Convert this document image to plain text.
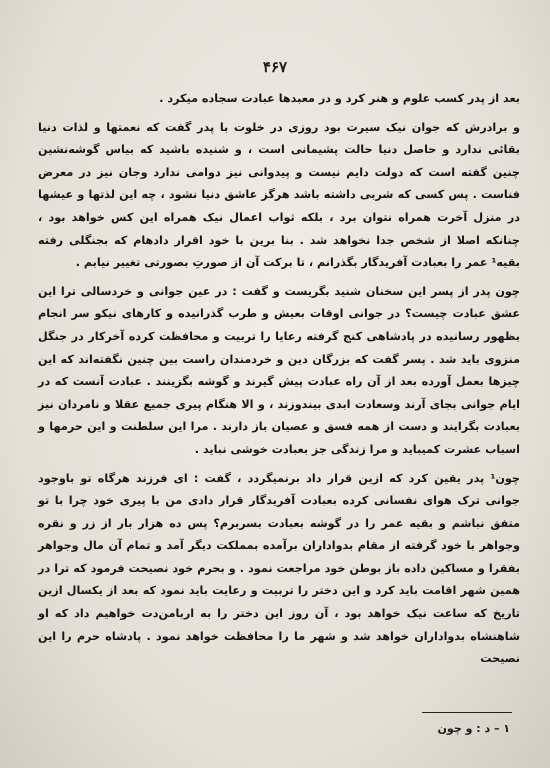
۴۶۷

بعد از پدر کسب علوم و هنر کرد و در معبدها عبادت سجاده میکرد .

و برادرش که جوان نیک سیرت بود روزی در خلوت با پدر گفت که نعمتها و لذات دنیا بقائی ندارد و حاصل دنیا حالت پشیمانی است ، و شنیده باشید که بیاس گوشه‌نشین چنین گفته است که دولت دایم نیست و پیدوانی نیز دوامی ندارد وجان نیز در معرض فناست . پس کسی که شربی داشته باشد هرگز عاشق دنیا نشود ، چه این لذتها و عیشها در منزل آخرت همراه نتوان برد ، بلکه ثواب اعمال نیک همراه این کس خواهد بود ، چنانکه اصلا از شخص جدا نخواهد شد . بنا برین با خود اقرار دادهام که بجنگلی رفته بقیه¹ عمر را بعبادت آفریدگار بگذرانم ، تا برکت آن از صورتِ بصورتی تغییر نیابم .

چون پدر از پسر این سخنان شنید بگریست و گفت : در عین جوانی و خردسالی ترا این عشق عبادت چیست؟ در جوانی اوقات بعیش و طرب گذرانیده و کارهای نیکو سر انجام بظهور رسانیده در پادشاهی کنج گرفته رعایا را تربیت و محافظت کرده آخرکار در جنگل منزوی باید شد . پسر گفت که بزرگان دین و خردمندان راست بین چنین نگفته‌اند که این چیزها بعمل آورده بعد از آن راه عبادت پیش گیرند و گوشه بگزینند . عبادت آنست که در ایام جوانی بجای آرند وسعادت ابدی بیندوزند ، و الا هنگام پیری جمیع عقلا و نامردان نیز بعبادت بگرایند و دست از همه فسق و عصیان باز دارند . مرا این سلطنت و این حرمها و اسباب عشرت کمیباید و مرا زندگی جز بعبادت خوشی نباید .

چون¹ پدر یقین کرد که ازین قرار داد برنمیگردد ، گفت : ای فرزند هرگاه تو باوجود جوانی ترک هوای نفسانی کرده بعبادت آفریدگار قرار دادی من با پیری خود چرا با تو متفق نباشم و بقیه عمر را در گوشه بعبادت بسربرم؟ پس ده هزار بار از زر و نقره وجواهر با خود گرفته از مقام بدواداران برآمده بمملکت دیگر آمد و تمام آن مال وجواهر بفقرا و مساکین داده باز بوطن خود مراجعت نمود . و بحرم خود نصیحت فرمود که ترا در همین شهر اقامت باید کرد و این دختر را تربیت و رعایت باید نمود که بعد از یکسال ازین تاریخ که ساعت نیک خواهد بود ، آن روز این دختر را به اربامن‌دت خواهیم داد که او شاهنشاه بدواداران خواهد شد و شهر ما را محافظت خواهد نمود . پادشاه حرم را این نصیحت

۱ – د : و چون
